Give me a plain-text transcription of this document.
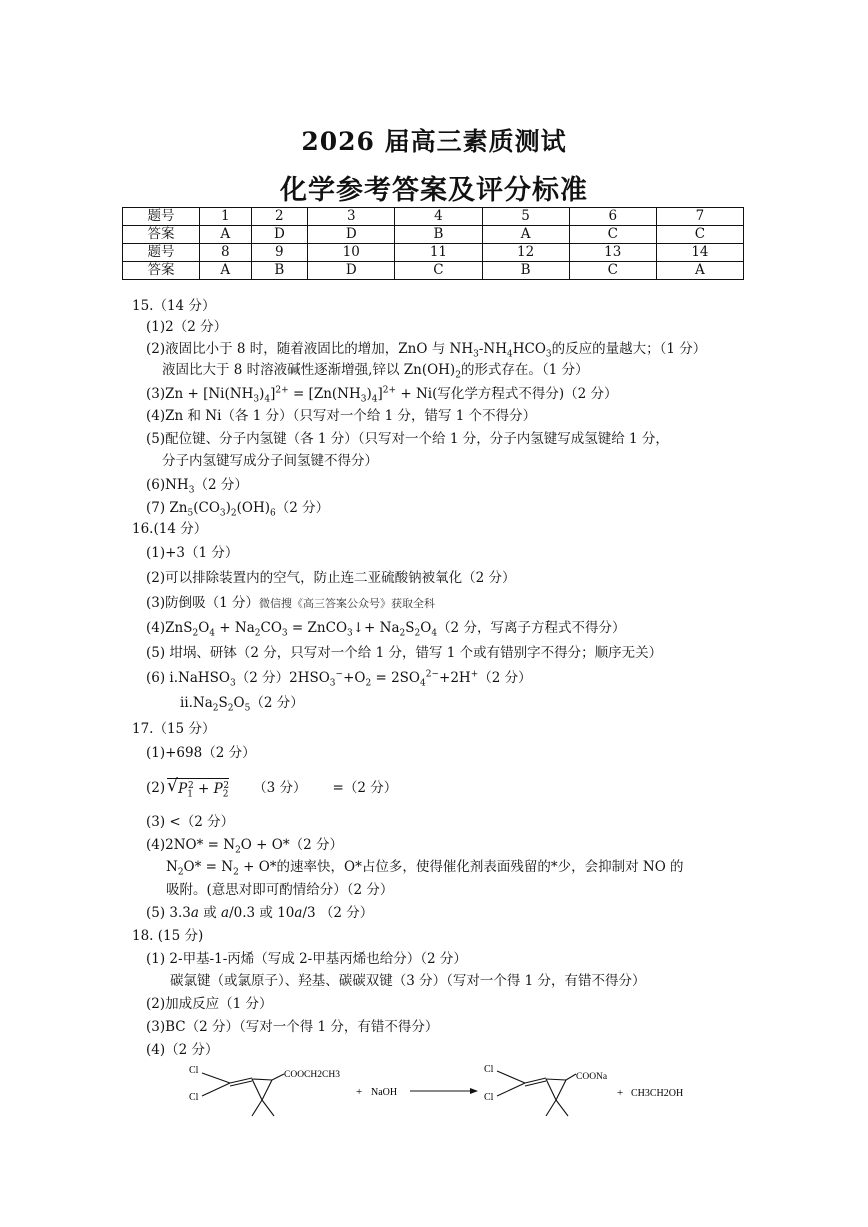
2026 届高三素质测试
化学参考答案及评分标准
题号	1	2	3	4	5	6	7
答案	A	D	D	B	A	C	C
题号	8	9	10	11	12	13	14
答案	A	B	D	C	B	C	A
15.（14 分）
(1)2（2 分）
(2)液固比小于 8 时，随着液固比的增加，ZnO 与 $NH_3-NH_4HCO_3$的反应的量越大；（1 分）
液固比大于 8 时溶液碱性逐渐增强,锌以 $Zn(OH)_2$的形式存在。（1 分）
$(3)Zn + [Ni(NH_3)_4]^{2+} = [Zn(NH_3)_4]^{2+} + Ni$(写化学方程式不得分)（2 分）
(4)Zn 和 Ni（各 1 分）（只写对一个给 1 分，错写 1 个不得分）
(5)配位键、分子内氢键（各 1 分）（只写对一个给 1 分，分子内氢键写成氢键给 1 分，
分子内氢键写成分子间氢键不得分）
$(6)NH_3(2$ 分）
(7) $Zn_5(CO_3)_2(OH)_6(2$ 分）
16.(14 分）
(1)+3（1 分）
(2)可以排除装置内的空气，防止连二亚硫酸钠被氧化（2 分）
(3)防倒吸（1 分）微信搜《高三答案公众号》获取全科
$(4)ZnS_2O_4 + Na_2CO_3$ = ZnCO$_3$↓+ $Na_2S_2O_4(2$ 分，写离子方程式不得分）
(5) 坩埚、研钵（2 分，只写对一个给 1 分，错写 1 个或有错别字不得分；顺序无关）
(6) ⅰ.NaHSO$_3$（2 分）$2HSO_3^-+O_2 = 2SO_4^{2-}+2H^+(2$ 分）
$ⅱ.Na_2S_2O_5(2$ 分）
17.（15 分）
(1)+698（2 分）
(2) √ $P_1^2 + P_2^2$ （3 分） =（2 分）
(3) <（2 分）
$(4)2NO* = N_2O + O*(2$ 分）
$N_2O* = N_2 + O*$的速率快，O*占位多，使得催化剂表面残留的*少，会抑制对 NO 的
吸附。(意思对即可酌情给分）（2 分）
(5) 3.3a 或 a/0.3 或 10a/3 （2 分）
18. (15 分)
(1) 2-甲基-1-丙烯（写成 2-甲基丙烯也给分）（2 分）
碳氯键（或氯原子）、羟基、碳碳双键（3 分）（写对一个得 1 分，有错不得分）
(2)加成反应（1 分）
(3)BC（2 分）（写对一个得 1 分，有错不得分）
(4)（2 分）
Cl
Cl
COOCH2CH3
+ NaOH
Cl
Cl
COONa
+ CH3CH2OH
